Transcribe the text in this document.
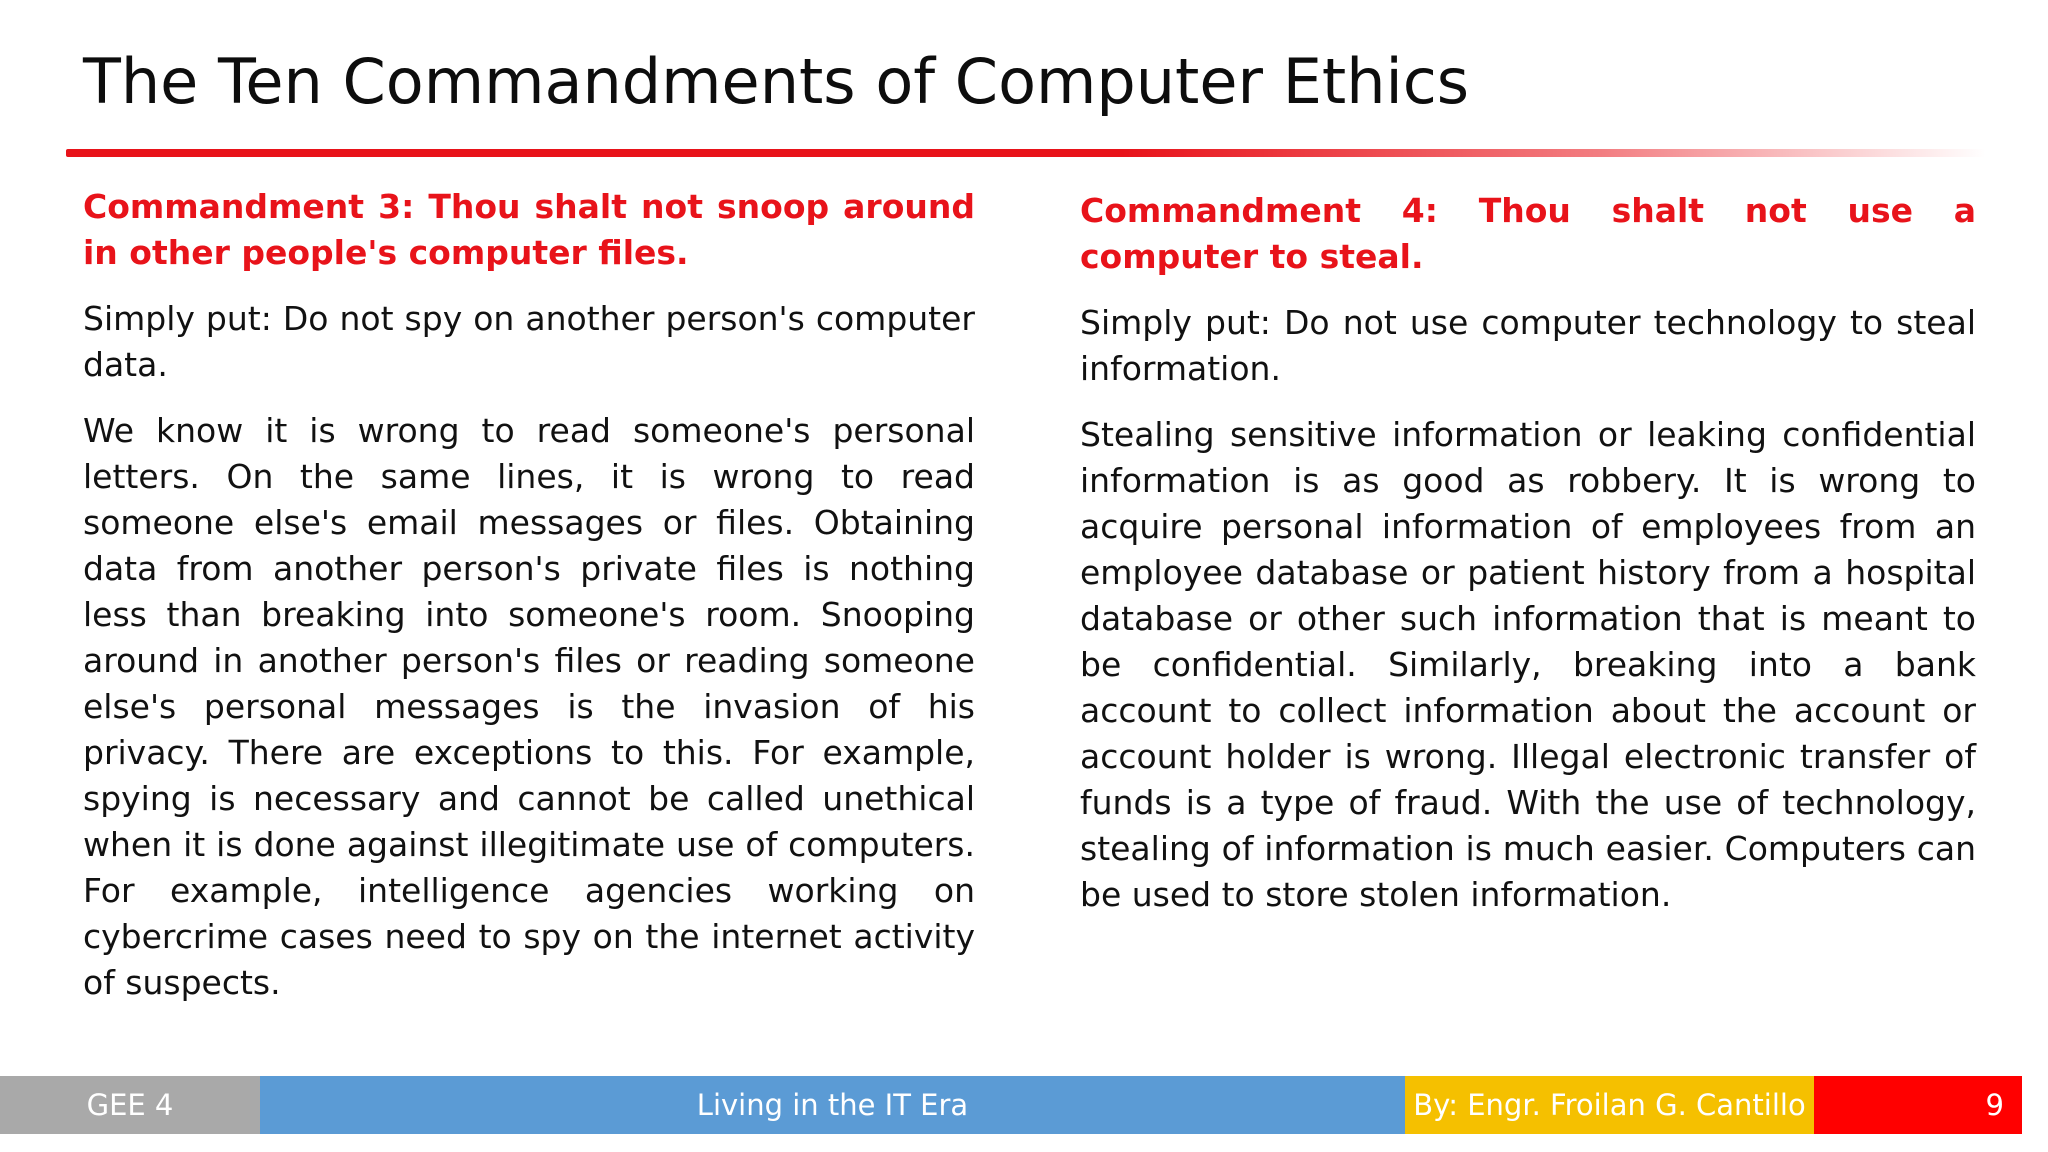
The Ten Commandments of Computer Ethics

Commandment 3: Thou shalt not snoop around in other people's computer files.

Simply put: Do not spy on another person's computer data.

We know it is wrong to read someone's personal letters. On the same lines, it is wrong to read someone else's email messages or files. Obtaining data from another person's private files is nothing less than breaking into someone's room. Snooping around in another person's files or reading someone else's personal messages is the invasion of his privacy. There are exceptions to this. For example, spying is necessary and cannot be called unethical when it is done against illegitimate use of computers. For example, intelligence agencies working on cybercrime cases need to spy on the internet activity of suspects.

Commandment 4: Thou shalt not use a computer to steal.

Simply put: Do not use computer technology to steal information.

Stealing sensitive information or leaking confidential information is as good as robbery. It is wrong to acquire personal information of employees from an employee database or patient history from a hospital database or other such information that is meant to be confidential. Similarly, breaking into a bank account to collect information about the account or account holder is wrong. Illegal electronic transfer of funds is a type of fraud. With the use of technology, stealing of information is much easier. Computers can be used to store stolen information.

GEE 4	Living in the IT Era	By: Engr. Froilan G. Cantillo	9
